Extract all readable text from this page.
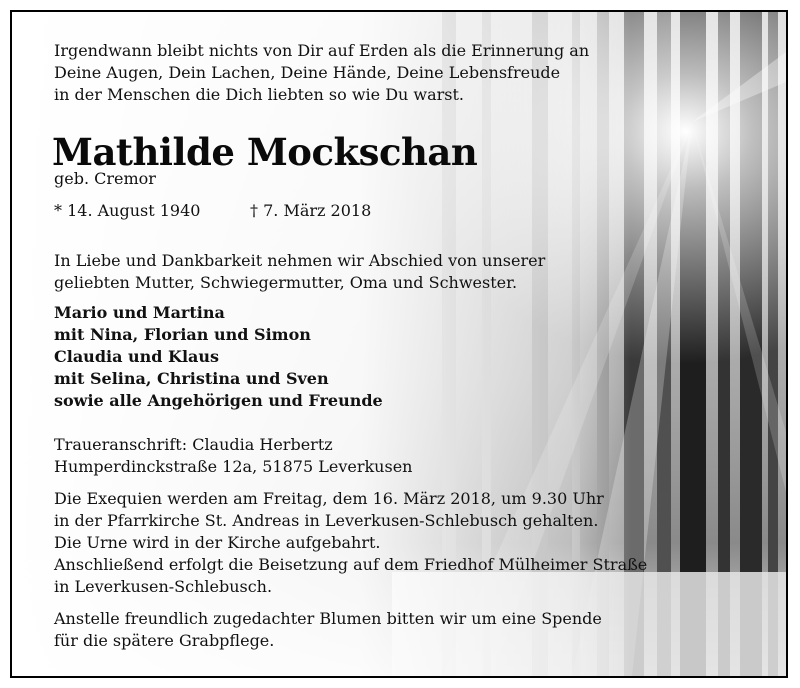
Irgendwann bleibt nichts von Dir auf Erden als die Erinnerung an
Deine Augen, Dein Lachen, Deine Hände, Deine Lebensfreude
in der Menschen die Dich liebten so wie Du warst.
Mathilde Mockschan
geb. Cremor
* 14. August 1940	† 7. März 2018
In Liebe und Dankbarkeit nehmen wir Abschied von unserer
geliebten Mutter, Schwiegermutter, Oma und Schwester.
Mario und Martina
mit Nina, Florian und Simon
Claudia und Klaus
mit Selina, Christina und Sven
sowie alle Angehörigen und Freunde
Traueranschrift: Claudia Herbertz
Humperdinckstraße 12a, 51875 Leverkusen
Die Exequien werden am Freitag, dem 16. März 2018, um 9.30 Uhr
in der Pfarrkirche St. Andreas in Leverkusen-Schlebusch gehalten.
Die Urne wird in der Kirche aufgebahrt.
Anschließend erfolgt die Beisetzung auf dem Friedhof Mülheimer Straße
in Leverkusen-Schlebusch.
Anstelle freundlich zugedachter Blumen bitten wir um eine Spende
für die spätere Grabpflege.
